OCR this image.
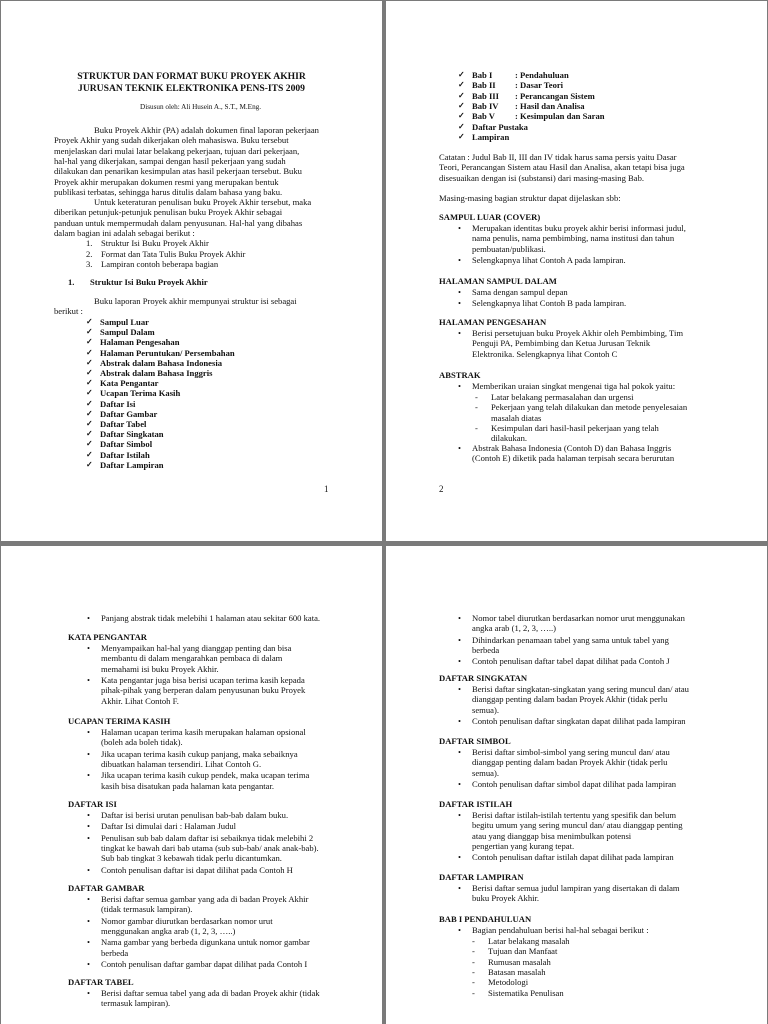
STRUKTUR DAN FORMAT BUKU PROYEK AKHIR
JURUSAN TEKNIK ELEKTRONIKA PENS-ITS 2009
Disusun oleh: Ali Husein A., S.T., M.Eng.
Buku Proyek Akhir (PA) adalah dokumen final laporan pekerjaan
Proyek Akhir yang sudah dikerjakan oleh mahasiswa. Buku tersebut
menjelaskan dari mulai latar belakang pekerjaan, tujuan dari pekerjaan,
hal-hal yang dikerjakan, sampai dengan hasil pekerjaan yang sudah
dilakukan dan penarikan kesimpulan atas hasil pekerjaan tersebut. Buku
Proyek akhir merupakan dokumen resmi yang merupakan bentuk
publikasi terbatas, sehingga harus ditulis dalam bahasa yang baku.
Untuk keteraturan penulisan buku Proyek Akhir tersebut, maka
diberikan petunjuk-petunjuk penulisan buku Proyek Akhir sebagai
panduan untuk mempermudah dalam penyusunan. Hal-hal yang dibahas
dalam bagian ini adalah sebagai berikut :
1. Struktur Isi Buku Proyek Akhir
2. Format dan Tata Tulis Buku Proyek Akhir
3. Lampiran contoh beberapa bagian
1. Struktur Isi Buku Proyek Akhir
Buku laporan Proyek akhir mempunyai struktur isi sebagai
berikut :
✓ Sampul Luar
✓ Sampul Dalam
✓ Halaman Pengesahan
✓ Halaman Peruntukan/ Persembahan
✓ Abstrak dalam Bahasa Indonesia
✓ Abstrak dalam Bahasa Inggris
✓ Kata Pengantar
✓ Ucapan Terima Kasih
✓ Daftar Isi
✓ Daftar Gambar
✓ Daftar Tabel
✓ Daftar Singkatan
✓ Daftar Simbol
✓ Daftar Istilah
✓ Daftar Lampiran
1
✓ Bab I	: Pendahuluan
✓ Bab II : Dasar Teori
✓ Bab III : Perancangan Sistem
✓ Bab IV : Hasil dan Analisa
✓ Bab V : Kesimpulan dan Saran
✓ Daftar Pustaka
✓ Lampiran
Catatan : Judul Bab II, III dan IV tidak harus sama persis yaitu Dasar
Teori, Perancangan Sistem atau Hasil dan Analisa, akan tetapi bisa juga
disesuaikan dengan isi (substansi) dari masing-masing Bab.
Masing-masing bagian struktur dapat dijelaskan sbb:
SAMPUL LUAR (COVER)
• Merupakan identitas buku proyek akhir berisi informasi judul,
nama penulis, nama pembimbing, nama institusi dan tahun
pembuatan/publikasi.
• Selengkapnya lihat Contoh A pada lampiran.
HALAMAN SAMPUL DALAM
• Sama dengan sampul depan
• Selengkapnya lihat Contoh B pada lampiran.
HALAMAN PENGESAHAN
• Berisi persetujuan buku Proyek Akhir oleh Pembimbing, Tim
Penguji PA, Pembimbing dan Ketua Jurusan Teknik
Elektronika. Selengkapnya lihat Contoh C
ABSTRAK
• Memberikan uraian singkat mengenai tiga hal pokok yaitu:
- Latar belakang permasalahan dan urgensi
- Pekerjaan yang telah dilakukan dan metode penyelesaian
masalah diatas
- Kesimpulan dari hasil-hasil pekerjaan yang telah
dilakukan.
• Abstrak Bahasa Indonesia (Contoh D) dan Bahasa Inggris
(Contoh E) diketik pada halaman terpisah secara berurutan
2
• Panjang abstrak tidak melebihi 1 halaman atau sekitar 600 kata.
KATA PENGANTAR
• Menyampaikan hal-hal yang dianggap penting dan bisa
membantu di dalam mengarahkan pembaca di dalam
memahami isi buku Proyek Akhir.
• Kata pengantar juga bisa berisi ucapan terima kasih kepada
pihak-pihak yang berperan dalam penyusunan buku Proyek
Akhir. Lihat Contoh F.
UCAPAN TERIMA KASIH
• Halaman ucapan terima kasih merupakan halaman opsional
(boleh ada boleh tidak).
• Jika ucapan terima kasih cukup panjang, maka sebaiknya
dibuatkan halaman tersendiri. Lihat Contoh G.
• Jika ucapan terima kasih cukup pendek, maka ucapan terima
kasih bisa disatukan pada halaman kata pengantar.
DAFTAR ISI
• Daftar isi berisi urutan penulisan bab-bab dalam buku.
• Daftar Isi dimulai dari : Halaman Judul
• Penulisan sub bab dalam daftar isi sebaiknya tidak melebihi 2
tingkat ke bawah dari bab utama (sub sub-bab/ anak anak-bab).
Sub bab tingkat 3 kebawah tidak perlu dicantumkan.
• Contoh penulisan daftar isi dapat dilihat pada Contoh H
DAFTAR GAMBAR
• Berisi daftar semua gambar yang ada di badan Proyek Akhir
(tidak termasuk lampiran).
• Nomor gambar diurutkan berdasarkan nomor urut
menggunakan angka arab (1, 2, 3, …..)
• Nama gambar yang berbeda digunkana untuk nomor gambar
berbeda
• Contoh penulisan daftar gambar dapat dilihat pada Contoh I
DAFTAR TABEL
• Berisi daftar semua tabel yang ada di badan Proyek akhir (tidak
termasuk lampiran).
• Nomor tabel diurutkan berdasarkan nomor urut menggunakan
angka arab (1, 2, 3, …..)
• Dihindarkan penamaan tabel yang sama untuk tabel yang
berbeda
• Contoh penulisan daftar tabel dapat dilihat pada Contoh J
DAFTAR SINGKATAN
• Berisi daftar singkatan-singkatan yang sering muncul dan/ atau
dianggap penting dalam badan Proyek Akhir (tidak perlu
semua).
• Contoh penulisan daftar singkatan dapat dilihat pada lampiran
DAFTAR SIMBOL
• Berisi daftar simbol-simbol yang sering muncul dan/ atau
dianggap penting dalam badan Proyek Akhir (tidak perlu
semua).
• Contoh penulisan daftar simbol dapat dilihat pada lampiran
DAFTAR ISTILAH
• Berisi daftar istilah-istilah tertentu yang spesifik dan belum
begitu umum yang sering muncul dan/ atau dianggap penting
atau yang dianggap bisa menimbulkan potensi
pengertian yang kurang tepat.
• Contoh penulisan daftar istilah dapat dilihat pada lampiran
DAFTAR LAMPIRAN
• Berisi daftar semua judul lampiran yang disertakan di dalam
buku Proyek Akhir.
BAB I PENDAHULUAN
• Bagian pendahuluan berisi hal-hal sebagai berikut :
- Latar belakang masalah
- Tujuan dan Manfaat
- Rumusan masalah
- Batasan masalah
- Metodologi
- Sistematika Penulisan
